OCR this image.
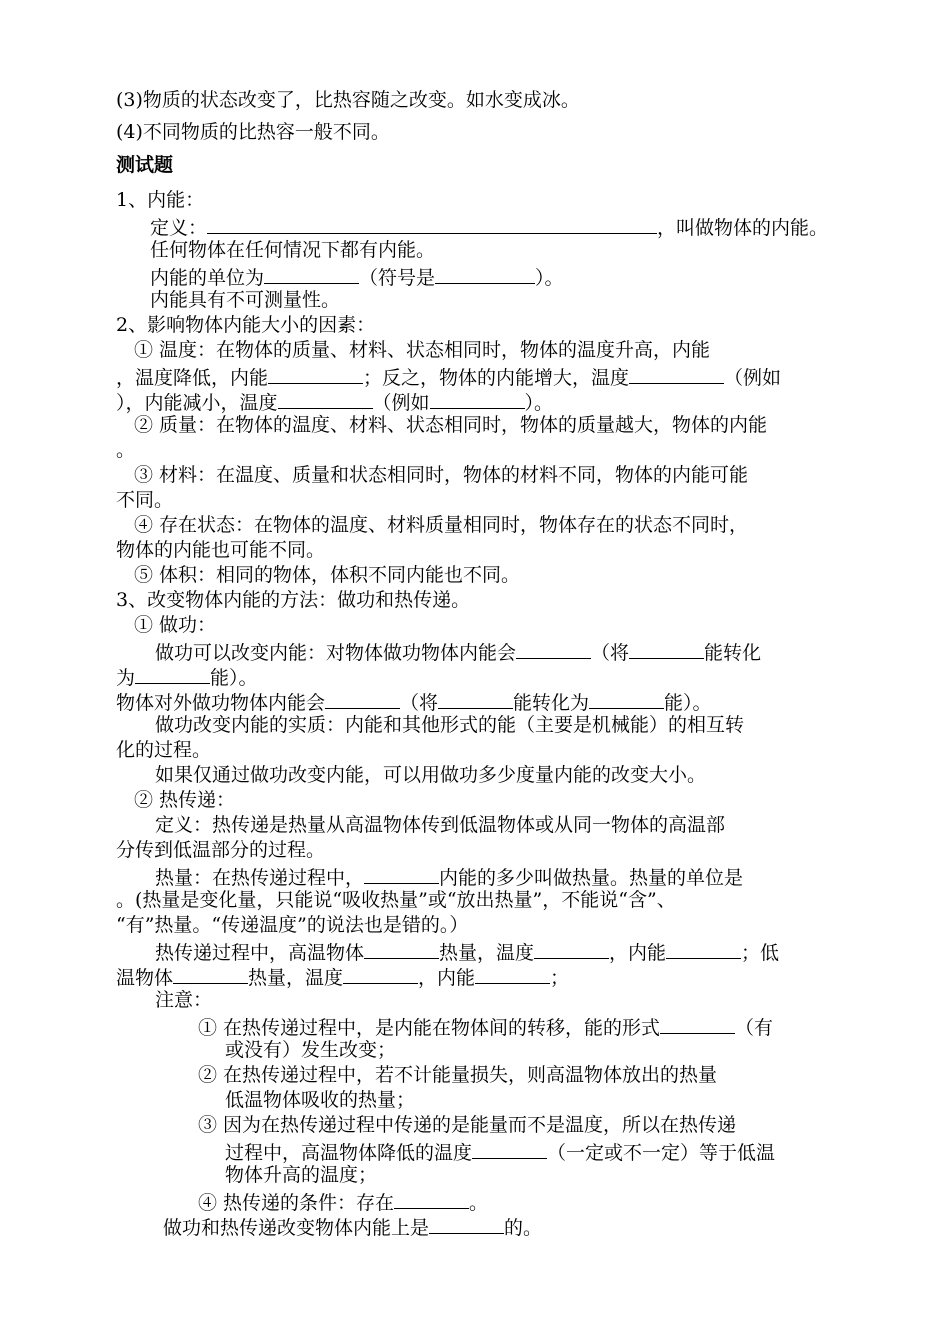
(3)物质的状态改变了，比热容随之改变。如水变成冰。
(4)不同物质的比热容一般不同。
测试题
1、内能：
定义：	，叫做物体的内能。
任何物体在任何情况下都有内能。
内能的单位为	（符号是	）。
内能具有不可测量性。
2、影响物体内能大小的因素：
① 温度：在物体的质量、材料、状态相同时，物体的温度升高，内能
，温度降低，内能	；反之，物体的内能增大，温度	（例如
），内能减小，温度	（例如	）。
② 质量：在物体的温度、材料、状态相同时，物体的质量越大，物体的内能
。
③ 材料：在温度、质量和状态相同时，物体的材料不同，物体的内能可能
不同。
④ 存在状态：在物体的温度、材料质量相同时，物体存在的状态不同时，
物体的内能也可能不同。
⑤ 体积：相同的物体，体积不同内能也不同。
3、改变物体内能的方法：做功和热传递。
① 做功：
做功可以改变内能：对物体做功物体内能会	（将	能转化
为	能）。
物体对外做功物体内能会	（将	能转化为	能）。
做功改变内能的实质：内能和其他形式的能（主要是机械能）的相互转
化的过程。
如果仅通过做功改变内能，可以用做功多少度量内能的改变大小。
② 热传递：
定义：热传递是热量从高温物体传到低温物体或从同一物体的高温部
分传到低温部分的过程。
热量：在热传递过程中，	内能的多少叫做热量。热量的单位是
。(热量是变化量，只能说“吸收热量”或“放出热量”，不能说“含”、
“有”热量。“传递温度”的说法也是错的。）
热传递过程中，高温物体	热量，温度	，内能	；低
温物体	热量，温度	，内能	；
注意：
① 在热传递过程中，是内能在物体间的转移，能的形式	（有
或没有）发生改变；
② 在热传递过程中，若不计能量损失，则高温物体放出的热量
低温物体吸收的热量；
③ 因为在热传递过程中传递的是能量而不是温度，所以在热传递
过程中，高温物体降低的温度	（一定或不一定）等于低温
物体升高的温度；
④ 热传递的条件：存在	。
做功和热传递改变物体内能上是	的。
